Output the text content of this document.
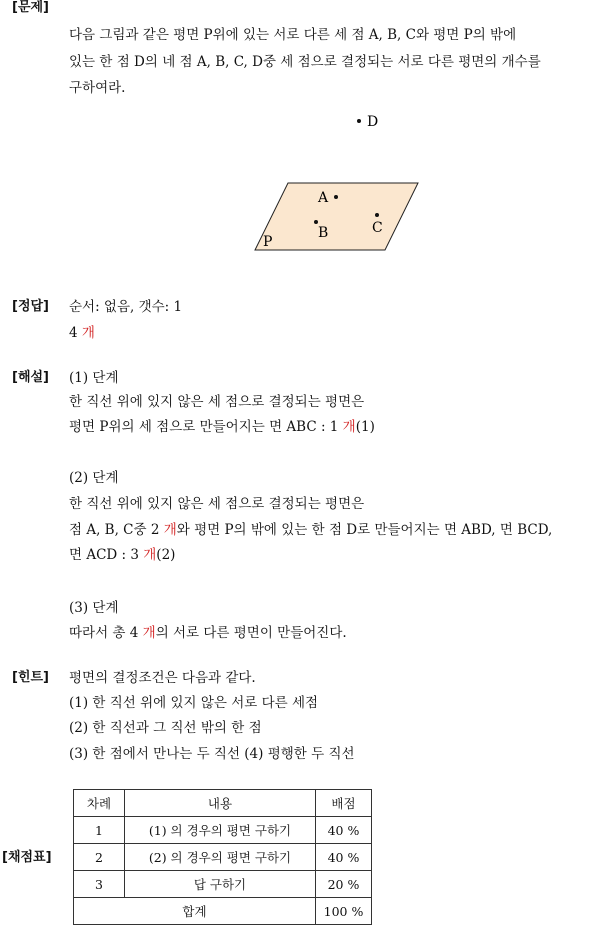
[문제]
다음 그림과 같은 평면 P위에 있는 서로 다른 세 점 A, B, C와 평면 P의 밖에
있는 한 점 D의 네 점 A, B, C, D중 세 점으로 결정되는 서로 다른 평면의 개수를
구하여라.
D
A
B	C
P
[정답] 순서: 없음, 갯수: 1
4 개
[해설] (1) 단계
한 직선 위에 있지 않은 세 점으로 결정되는 평면은
평면 P위의 세 점으로 만들어지는 면 ABC : 1 개(1)
(2) 단계
한 직선 위에 있지 않은 세 점으로 결정되는 평면은
점 A, B, C중 2 개와 평면 P의 밖에 있는 한 점 D로 만들어지는 면 ABD, 면 BCD,
면 ACD : 3 개(2)
(3) 단계
따라서 총 4 개의 서로 다른 평면이 만들어진다.
[힌트] 평면의 결정조건은 다음과 같다.
(1) 한 직선 위에 있지 않은 서로 다른 세점
(2) 한 직선과 그 직선 밖의 한 점
(3) 한 점에서 만나는 두 직선 (4) 평행한 두 직선
[채점표]
차례	내용	배점
1	(1) 의 경우의 평면 구하기	40 %
2	(2) 의 경우의 평면 구하기	40 %
3	답 구하기	20 %
합계		100 %
